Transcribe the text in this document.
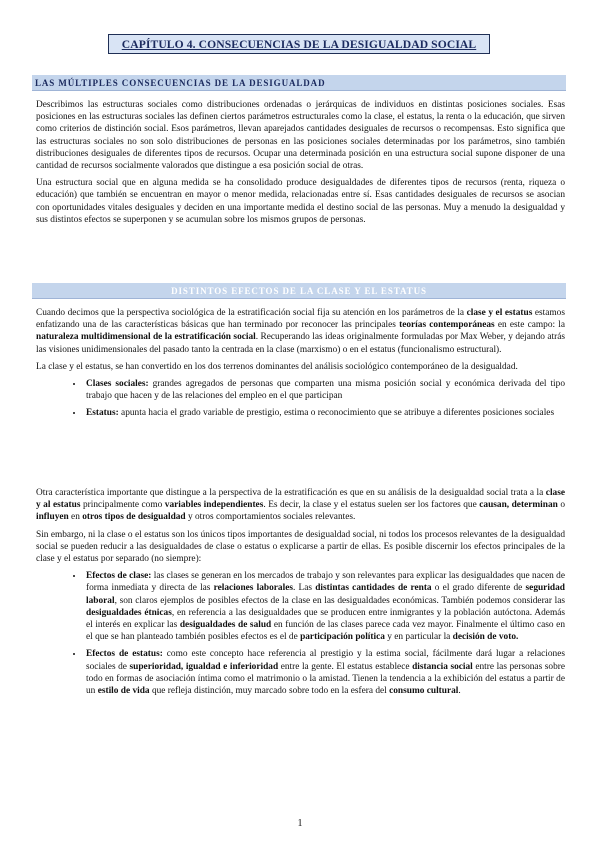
CAPÍTULO 4. CONSECUENCIAS DE LA DESIGUALDAD SOCIAL
LAS MÚLTIPLES CONSECUENCIAS DE LA DESIGUALDAD

Describimos las estructuras sociales como distribuciones ordenadas o jerárquicas de individuos en distintas posiciones sociales. Esas posiciones en las estructuras sociales las definen ciertos parámetros estructurales como la clase, el estatus, la renta o la educación, que sirven como criterios de distinción social. Esos parámetros, llevan aparejados cantidades desiguales de recursos o recompensas. Esto significa que las estructuras sociales no son solo distribuciones de personas en las posiciones sociales determinadas por los parámetros, sino también distribuciones desiguales de diferentes tipos de recursos. Ocupar una determinada posición en una estructura social supone disponer de una cantidad de recursos socialmente valorados que distingue a esa posición social de otras.

Una estructura social que en alguna medida se ha consolidado produce desigualdades de diferentes tipos de recursos (renta, riqueza o educación) que también se encuentran en mayor o menor medida, relacionadas entre sí. Esas cantidades desiguales de recursos se asocian con oportunidades vitales desiguales y deciden en una importante medida el destino social de las personas. Muy a menudo la desigualdad y sus distintos efectos se superponen y se acumulan sobre los mismos grupos de personas.

DISTINTOS EFECTOS DE LA CLASE Y EL ESTATUS

Cuando decimos que la perspectiva sociológica de la estratificación social fija su atención en los parámetros de la clase y el estatus estamos enfatizando una de las características básicas que han terminado por reconocer las principales teorías contemporáneas en este campo: la naturaleza multidimensional de la estratificación social. Recuperando las ideas originalmente formuladas por Max Weber, y dejando atrás las visiones unidimensionales del pasado tanto la centrada en la clase (marxismo) o en el estatus (funcionalismo estructural).

La clase y el estatus, se han convertido en los dos terrenos dominantes del análisis sociológico contemporáneo de la desigualdad.

• Clases sociales: grandes agregados de personas que comparten una misma posición social y económica derivada del tipo trabajo que hacen y de las relaciones del empleo en el que participan
• Estatus: apunta hacia el grado variable de prestigio, estima o reconocimiento que se atribuye a diferentes posiciones sociales

Otra característica importante que distingue a la perspectiva de la estratificación es que en su análisis de la desigualdad social trata a la clase y al estatus principalmente como variables independientes. Es decir, la clase y el estatus suelen ser los factores que causan, determinan o influyen en otros tipos de desigualdad y otros comportamientos sociales relevantes.

Sin embargo, ni la clase o el estatus son los únicos tipos importantes de desigualdad social, ni todos los procesos relevantes de la desigualdad social se pueden reducir a las desigualdades de clase o estatus o explicarse a partir de ellas. Es posible discernir los efectos principales de la clase y el estatus por separado (no siempre):

• Efectos de clase: las clases se generan en los mercados de trabajo y son relevantes para explicar las desigualdades que nacen de forma inmediata y directa de las relaciones laborales. Las distintas cantidades de renta o el grado diferente de seguridad laboral, son claros ejemplos de posibles efectos de la clase en las desigualdades económicas. También podemos considerar las desigualdades étnicas, en referencia a las desigualdades que se producen entre inmigrantes y la población autóctona. Además el interés en explicar las desigualdades de salud en función de las clases parece cada vez mayor. Finalmente el último caso en el que se han planteado también posibles efectos es el de participación política y en particular la decisión de voto.
• Efectos de estatus: como este concepto hace referencia al prestigio y la estima social, fácilmente dará lugar a relaciones sociales de superioridad, igualdad e inferioridad entre la gente. El estatus establece distancia social entre las personas sobre todo en formas de asociación íntima como el matrimonio o la amistad. Tienen la tendencia a la exhibición del estatus a partir de un estilo de vida que refleja distinción, muy marcado sobre todo en la esfera del consumo cultural.
1
